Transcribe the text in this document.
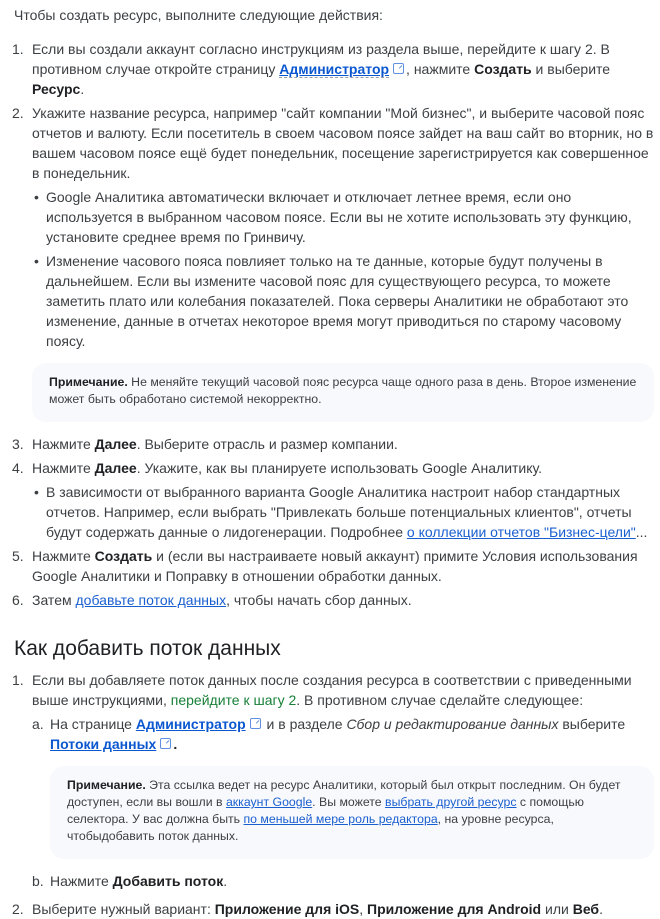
Чтобы создать ресурс, выполните следующие действия:

1. Если вы создали аккаунт согласно инструкциям из раздела выше, перейдите к шагу 2. В противном случае откройте страницу Администратор , нажмите Создать и выберите Ресурс.
2. Укажите название ресурса, например "сайт компании "Мой бизнес", и выберите часовой пояс отчетов и валюту. Если посетитель в своем часовом поясе зайдет на ваш сайт во вторник, но в вашем часовом поясе ещё будет понедельник, посещение зарегистрируется как совершенное в понедельник.
• Google Аналитика автоматически включает и отключает летнее время, если оно используется в выбранном часовом поясе. Если вы не хотите использовать эту функцию, установите среднее время по Гринвичу.
• Изменение часового пояса повлияет только на те данные, которые будут получены в дальнейшем. Если вы измените часовой пояс для существующего ресурса, то можете заметить плато или колебания показателей. Пока серверы Аналитики не обработают это изменение, данные в отчетах некоторое время могут приводиться по старому часовому поясу.
Примечание. Не меняйте текущий часовой пояс ресурса чаще одного раза в день. Второе изменение может быть обработано системой некорректно.
3. Нажмите Далее. Выберите отрасль и размер компании.
4. Нажмите Далее. Укажите, как вы планируете использовать Google Аналитику.
• В зависимости от выбранного варианта Google Аналитика настроит набор стандартных отчетов. Например, если выбрать "Привлекать больше потенциальных клиентов", отчеты будут содержать данные о лидогенерации. Подробнее о коллекции отчетов "Бизнес-цели"...
5. Нажмите Создать и (если вы настраиваете новый аккаунт) примите Условия использования Google Аналитики и Поправку в отношении обработки данных.
6. Затем добавьте поток данных, чтобы начать сбор данных.
Как добавить поток данных
1. Если вы добавляете поток данных после создания ресурса в соответствии с приведенными выше инструкциями, перейдите к шагу 2. В противном случае сделайте следующее:
a. На странице Администратор и в разделе Сбор и редактирование данных выберите Потоки данных .
Примечание. Эта ссылка ведет на ресурс Аналитики, который был открыт последним. Он будет доступен, если вы вошли в аккаунт Google. Вы можете выбрать другой ресурс с помощью селектора. У вас должна быть по меньшей мере роль редактора, на уровне ресурса, чтобыдобавить поток данных.
b. Нажмите Добавить поток.
2. Выберите нужный вариант: Приложение для iOS, Приложение для Android или Веб.
